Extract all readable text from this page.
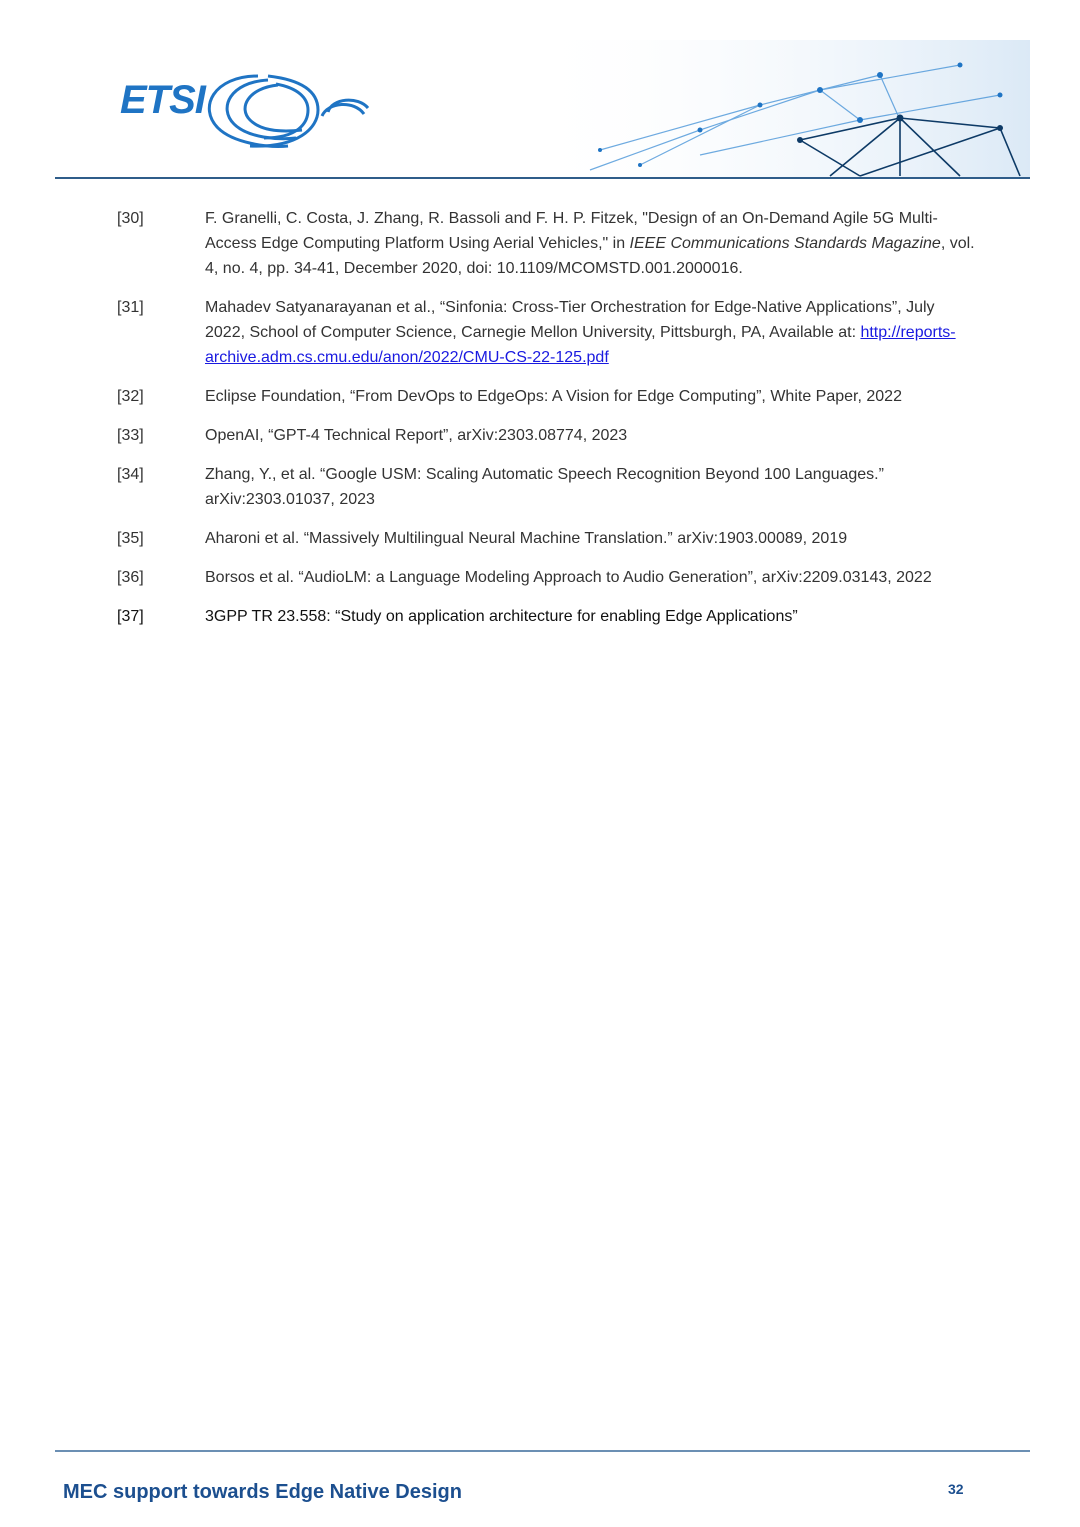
ETSI
[30]	F. Granelli, C. Costa, J. Zhang, R. Bassoli and F. H. P. Fitzek, "Design of an On-Demand Agile 5G Multi-Access Edge Computing Platform Using Aerial Vehicles," in IEEE Communications Standards Magazine, vol. 4, no. 4, pp. 34-41, December 2020, doi: 10.1109/MCOMSTD.001.2000016.
[31]	Mahadev Satyanarayanan et al., “Sinfonia: Cross-Tier Orchestration for Edge-Native Applications”, July 2022, School of Computer Science, Carnegie Mellon University, Pittsburgh, PA, Available at: http://reports-archive.adm.cs.cmu.edu/anon/2022/CMU-CS-22-125.pdf
[32]	Eclipse Foundation, “From DevOps to EdgeOps: A Vision for Edge Computing”, White Paper, 2022
[33]	OpenAI, “GPT-4 Technical Report”, arXiv:2303.08774, 2023
[34]	Zhang, Y., et al. “Google USM: Scaling Automatic Speech Recognition Beyond 100 Languages.” arXiv:2303.01037, 2023
[35]	Aharoni et al. “Massively Multilingual Neural Machine Translation.” arXiv:1903.00089, 2019
[36]	Borsos et al. “AudioLM: a Language Modeling Approach to Audio Generation”, arXiv:2209.03143, 2022
[37]	3GPP TR 23.558: “Study on application architecture for enabling Edge Applications”
MEC support towards Edge Native Design	32
